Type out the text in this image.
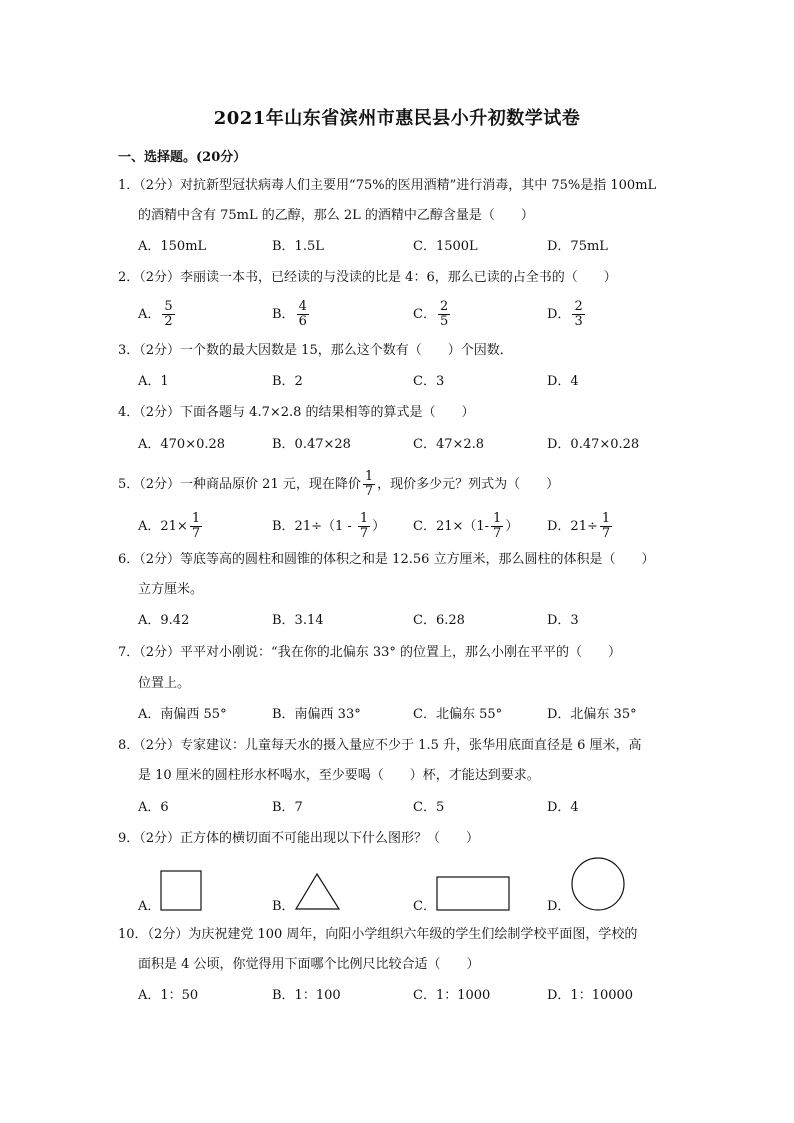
2021年山东省滨州市惠民县小升初数学试卷
一、选择题。(20分）
1．（2分）对抗新型冠状病毒人们主要用“75%的医用酒精”进行消毒，其中 75%是指 100mL
的酒精中含有 75mL 的乙醇，那么 2L 的酒精中乙醇含量是（　　）
A．150mL	B．1.5L	C．1500L	D．75mL
2．（2分）李丽读一本书，已经读的与没读的比是 4：6，那么已读的占全书的（　　）
A． $\frac{5}{2}$	B． $\frac{4}{6}$	C． $\frac{2}{5}$	D． $\frac{2}{3}$
3．（2分）一个数的最大因数是 15，那么这个数有（　　）个因数．
A．1	B．2	C．3	D．4
4．（2分）下面各题与 4.7×2.8 的结果相等的算式是（　　）
A．470×0.28	B．0.47×28	C．47×2.8	D．0.47×0.28
5．（2分）一种商品原价 21 元，现在降价 $\frac{1}{7}$ ，现价多少元？列式为（　　）
A．$21\times \frac{1}{7}$	B．$21\div(1 - \frac{1}{7}$ ） C．$21\times(1- \frac{1}{7}$ ） D．$21\div \frac{1}{7}$
6．（2分）等底等高的圆柱和圆锥的体积之和是 12.56 立方厘米，那么圆柱的体积是（　　）
立方厘米。
A．9.42	B．3.14	C．6.28	D．3
7．（2分）平平对小刚说：“我在你的北偏东 33° 的位置上，那么小刚在平平的（　　）
位置上。
A．南偏西 55°	B．南偏西 33°	C．北偏东 55°	D．北偏东 35°
8．（2分）专家建议：儿童每天水的摄入量应不少于 1.5 升，张华用底面直径是 6 厘米，高
是 10 厘米的圆柱形水杯喝水，至少要喝（　　）杯，才能达到要求。
A．6	B．7	C．5	D．4
9．（2分）正方体的横切面不可能出现以下什么图形？（　　）
A．	B．	C．	D．
10．（2分）为庆祝建党 100 周年，向阳小学组织六年级的学生们绘制学校平面图，学校的
面积是 4 公顷，你觉得用下面哪个比例尺比较合适（　　）
A．1：50	B．1：100	C．1：1000	D．1：10000
